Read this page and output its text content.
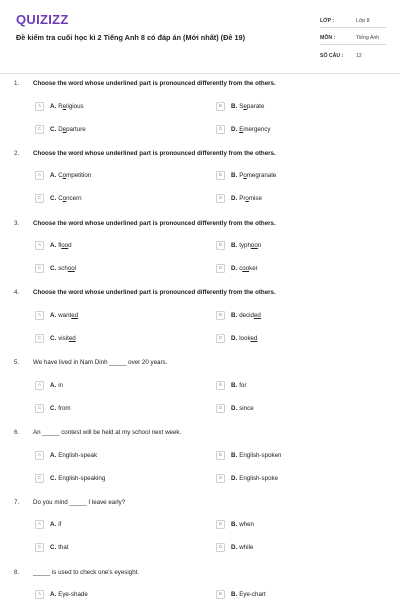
QUIZIZZ
Đề kiểm tra cuối học kì 2 Tiếng Anh 8 có đáp án (Mới nhất) (Đề 19)
LỚP :	Lớp 8
MÔN :	Tiếng Anh
SỐ CÂU :	12
1. Choose the word whose underlined part is pronounced differently from the others.
A	A. Religious	B	B. Separate
C	C. Departure	D	D. Emergency
2. Choose the word whose underlined part is pronounced differently from the others.
A	A. Competition	B	B. Pomegranate
C	C. Concern	D	D. Promise
3. Choose the word whose underlined part is pronounced differently from the others.
A	A. flood	B	B. typhoon
C	C. school	D	D. cooker
4. Choose the word whose underlined part is pronounced differently from the others.
A	A. wanted	B	B. decided
C	C. visited	D	D. looked
5. We have lived in Nam Dinh _____ over 20 years.
A	A. in	B	B. for
C	C. from	D	D. since
6. An _____ contest will be held at my school next week.
A	A. English-speak	B	B. English-spoken
C	C. English-speaking	D	D. English-spoke
7. Do you mind _____ I leave early?
A	A. if	B	B. when
C	C. that	D	D. while
8. _____ is used to check one's eyesight.
A	A. Eye-shade	B	B. Eye-chart
